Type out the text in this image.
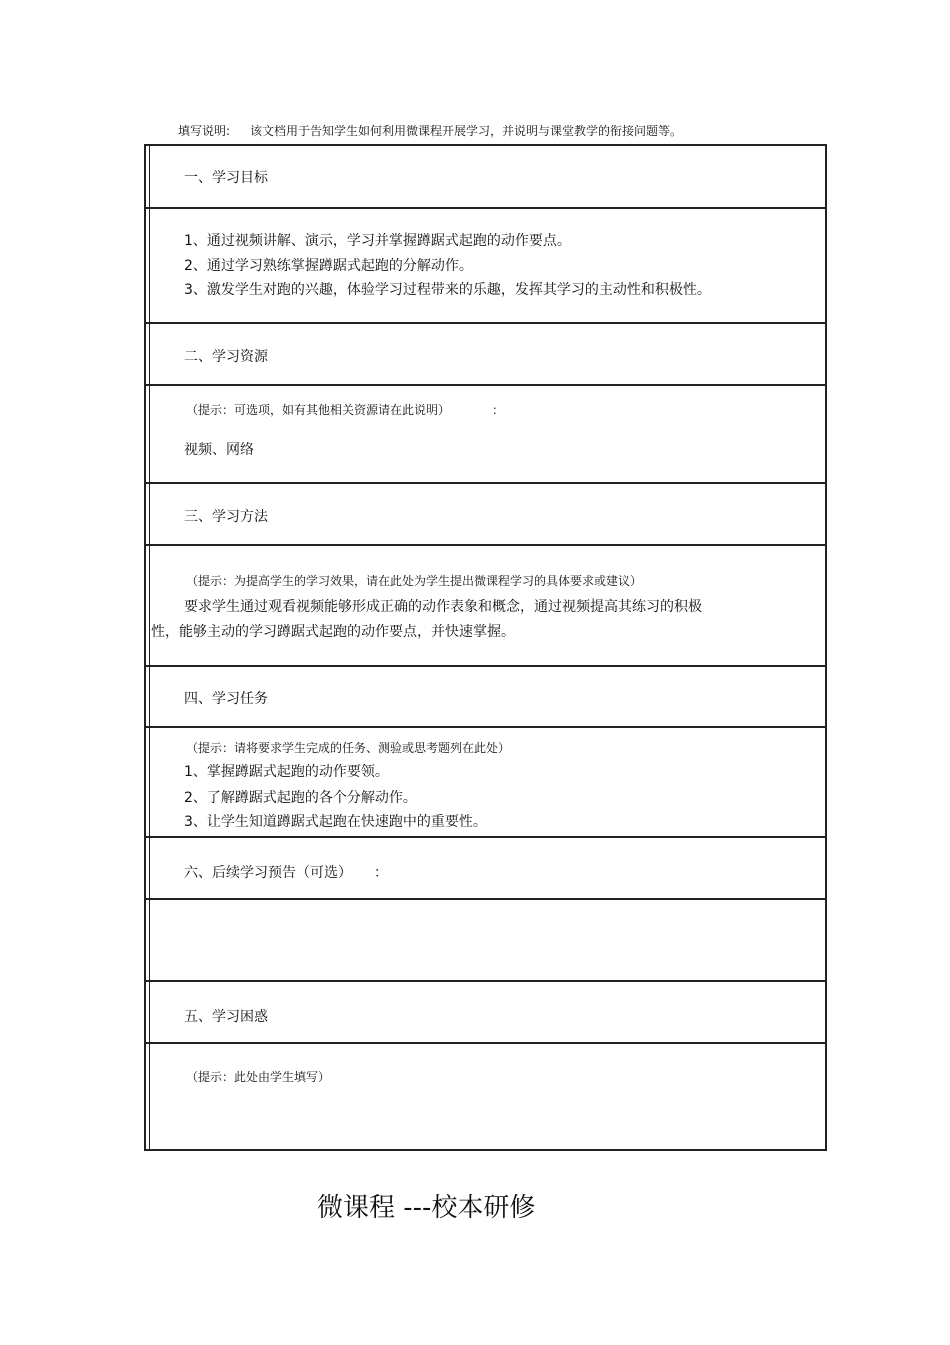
填写说明: 该文档用于告知学生如何利用微课程开展学习，并说明与课堂教学的衔接问题等。
一、学习目标
1、通过视频讲解、演示，学习并掌握蹲踞式起跑的动作要点。
2、通过学习熟练掌握蹲踞式起跑的分解动作。
3、激发学生对跑的兴趣，体验学习过程带来的乐趣，发挥其学习的主动性和积极性。
二、学习资源
（提示：可选项，如有其他相关资源请在此说明）	：
视频、网络
三、学习方法
（提示：为提高学生的学习效果，请在此处为学生提出微课程学习的具体要求或建议）
要求学生通过观看视频能够形成正确的动作表象和概念，通过视频提高其练习的积极
性，能够主动的学习蹲踞式起跑的动作要点，并快速掌握。
四、学习任务
（提示：请将要求学生完成的任务、测验或思考题列在此处）
1、掌握蹲踞式起跑的动作要领。
2、了解蹲踞式起跑的各个分解动作。
3、让学生知道蹲踞式起跑在快速跑中的重要性。
六、后续学习预告（可选） ：
五、学习困惑
（提示：此处由学生填写）
微课程 ---校本研修
